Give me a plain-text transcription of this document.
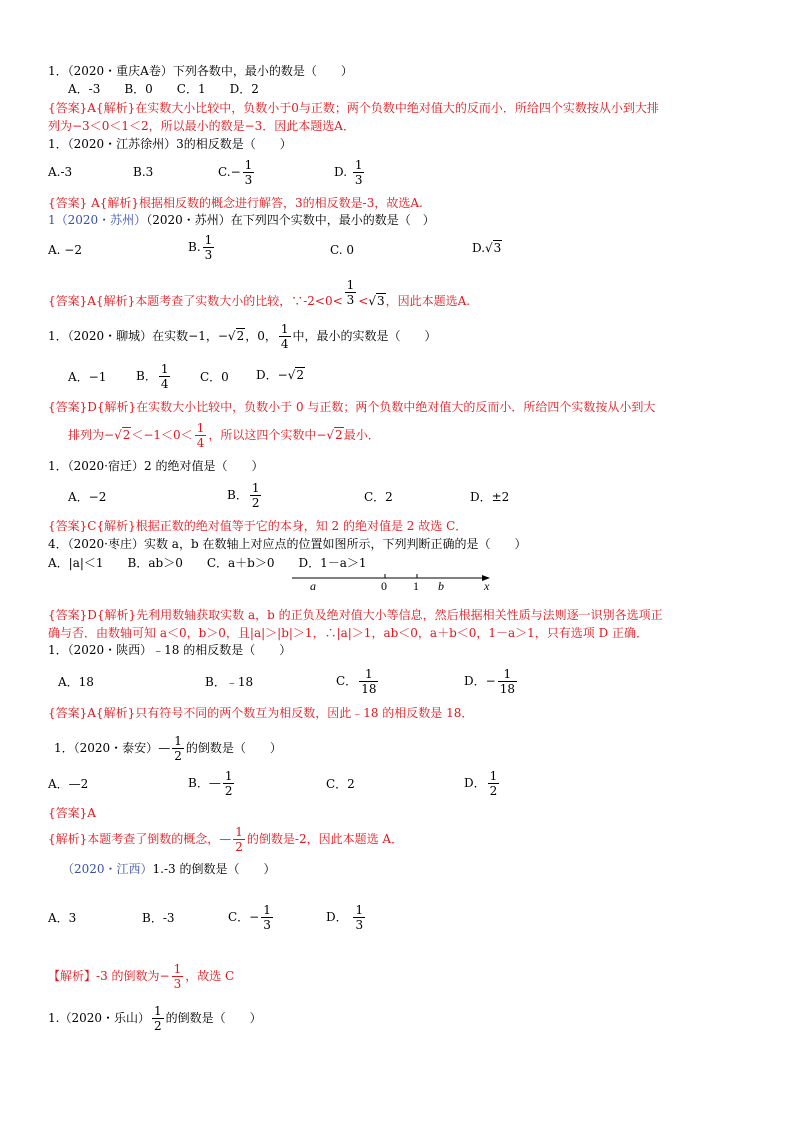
1．（2020・重庆A卷）下列各数中，最小的数是（　　）
A．-3　　B．0　　C．1　　D．2
{答案}A{解析}在实数大小比较中，负数小于0与正数；两个负数中绝对值大的反而小．所给四个实数按从小到大排
列为−3＜0＜1＜2，所以最小的数是−3．因此本题选A．
1．（2020・江苏徐州）3的相反数是（　　）
A.-3	B.3	$C.- \frac{1}{3}$	D. $\frac{1}{3}$
{答案} A{解析}根据相反数的概念进行解答，3的相反数是-3，故选A.
1（2020・苏州）（2020・苏州）在下列四个实数中，最小的数是（　）
A. −2	B. $\frac{1}{3}$	C. 0	D.√3
{答案}A{解析}本题考查了实数大小的比较，∵-2<0< $\frac{1}{3} <√3$，因此本题选A.
1．（2020・聊城）在实数−1，−√2，0， $\frac{1}{4}$ 中，最小的实数是（　　）
A．−1 B． $\frac{1}{4}$ C．0 D．−√2
{答案}D{解析}在实数大小比较中，负数小于 0 与正数；两个负数中绝对值大的反而小．所给四个实数按从小到大
排列为$-√2<-1<0< \frac{1}{4}$ ，所以这四个实数中−√2最小．
1．（2020·宿迁）2 的绝对值是（　　）
A．−2	B． $\frac{1}{2}$	C．2	D．±2
{答案}C{解析}根据正数的绝对值等于它的本身，知 2 的绝对值是 2 故选 C．
4．（2020·枣庄）实数 a，b 在数轴上对应点的位置如图所示，下列判断正确的是（　　）
A．|a|＜1　　B．ab＞0　　C．a＋b＞0　　D．1－a＞1
a	0 1 b	x
{答案}D{解析}先利用数轴获取实数 a，b 的正负及绝对值大小等信息，然后根据相关性质与法则逐一识别各选项正
确与否．由数轴可知 a＜0，b＞0，且|a|＞|b|＞1，∴|a|＞1，ab＜0，a＋b＜0，1－a＞1，只有选项 D 正确．
1．（2020・陕西）﹣18 的相反数是（　　）
A．18	B．﹣18	C． $\frac{1}{18}$	D．− $\frac{1}{18}$
{答案}A{解析}只有符号不同的两个数互为相反数，因此﹣18 的相反数是 18．
1．（2020・泰安）— $\frac{1}{2}$ 的倒数是（　　）
A．—2	B．— $\frac{1}{2}$	C．2	D． $\frac{1}{2}$
{答案}A
{解析}本题考查了倒数的概念，— $\frac{1}{2}$ 的倒数是-2，因此本题选 A．
（2020・江西）1.-3 的倒数是（　　）
A．3	B．-3	C．− $\frac{1}{3}$	D． $\frac{1}{3}$
【解析】-3 的倒数为− $\frac{1}{3}$ ，故选 C
1.（2020・乐山） $\frac{1}{2}$ 的倒数是（　　）
